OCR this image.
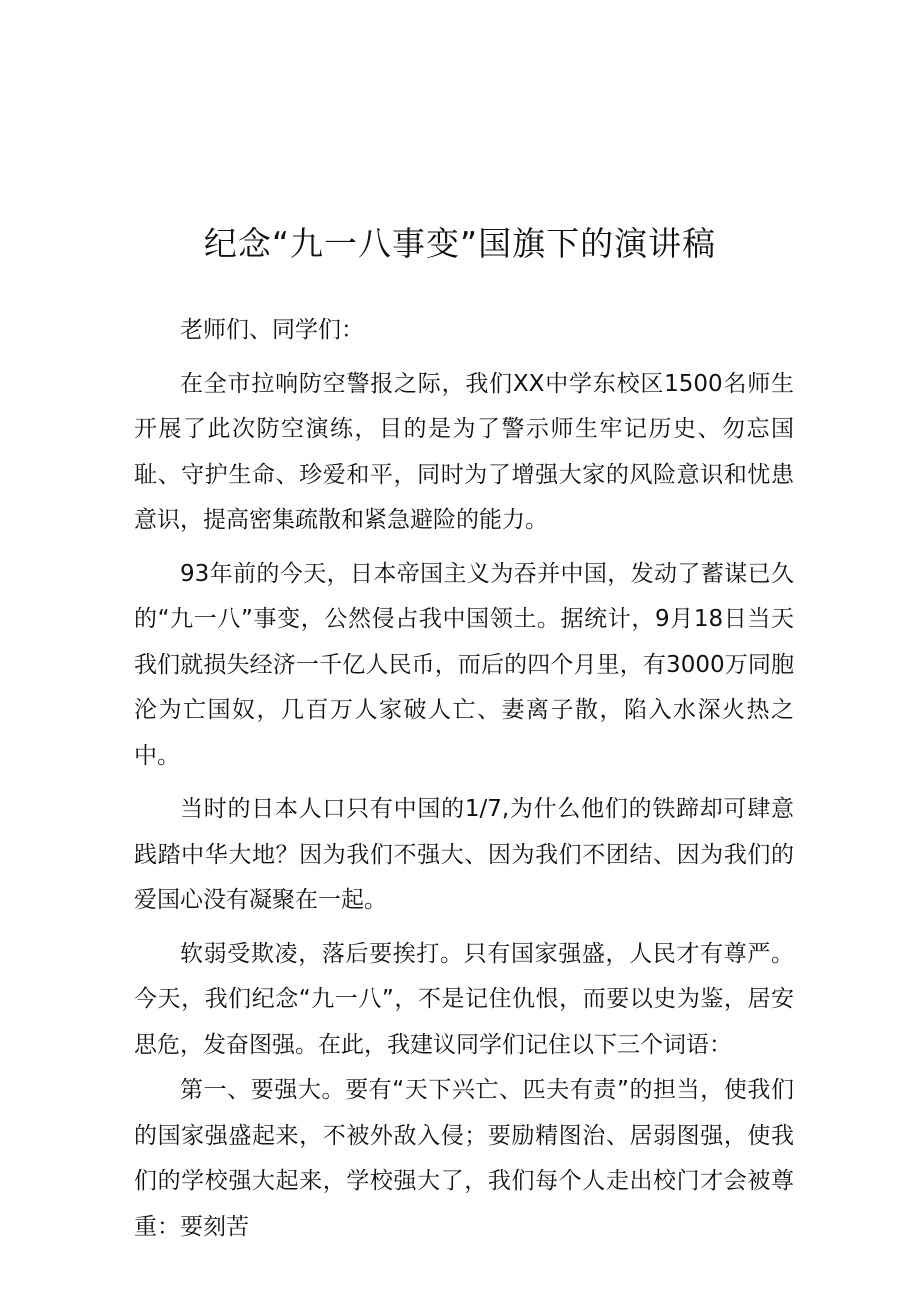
纪念“九一八事变”国旗下的演讲稿

老师们、同学们：

在全市拉响防空警报之际，我们XX中学东校区1500名师生开展了此次防空演练，目的是为了警示师生牢记历史、勿忘国耻、守护生命、珍爱和平，同时为了增强大家的风险意识和忧患意识，提高密集疏散和紧急避险的能力。

93年前的今天，日本帝国主义为吞并中国，发动了蓄谋已久的“九一八”事变，公然侵占我中国领土。据统计，9月18日当天我们就损失经济一千亿人民币，而后的四个月里，有3000万同胞沦为亡国奴，几百万人家破人亡、妻离子散，陷入水深火热之中。

当时的日本人口只有中国的1/7,为什么他们的铁蹄却可肆意践踏中华大地？因为我们不强大、因为我们不团结、因为我们的爱国心没有凝聚在一起。

软弱受欺凌，落后要挨打。只有国家强盛，人民才有尊严。今天，我们纪念“九一八”，不是记住仇恨，而要以史为鉴，居安思危，发奋图强。在此，我建议同学们记住以下三个词语：

第一、要强大。要有“天下兴亡、匹夫有责”的担当，使我们的国家强盛起来，不被外敌入侵；要励精图治、居弱图强，使我们的学校强大起来，学校强大了，我们每个人走出校门才会被尊重：要刻苦
